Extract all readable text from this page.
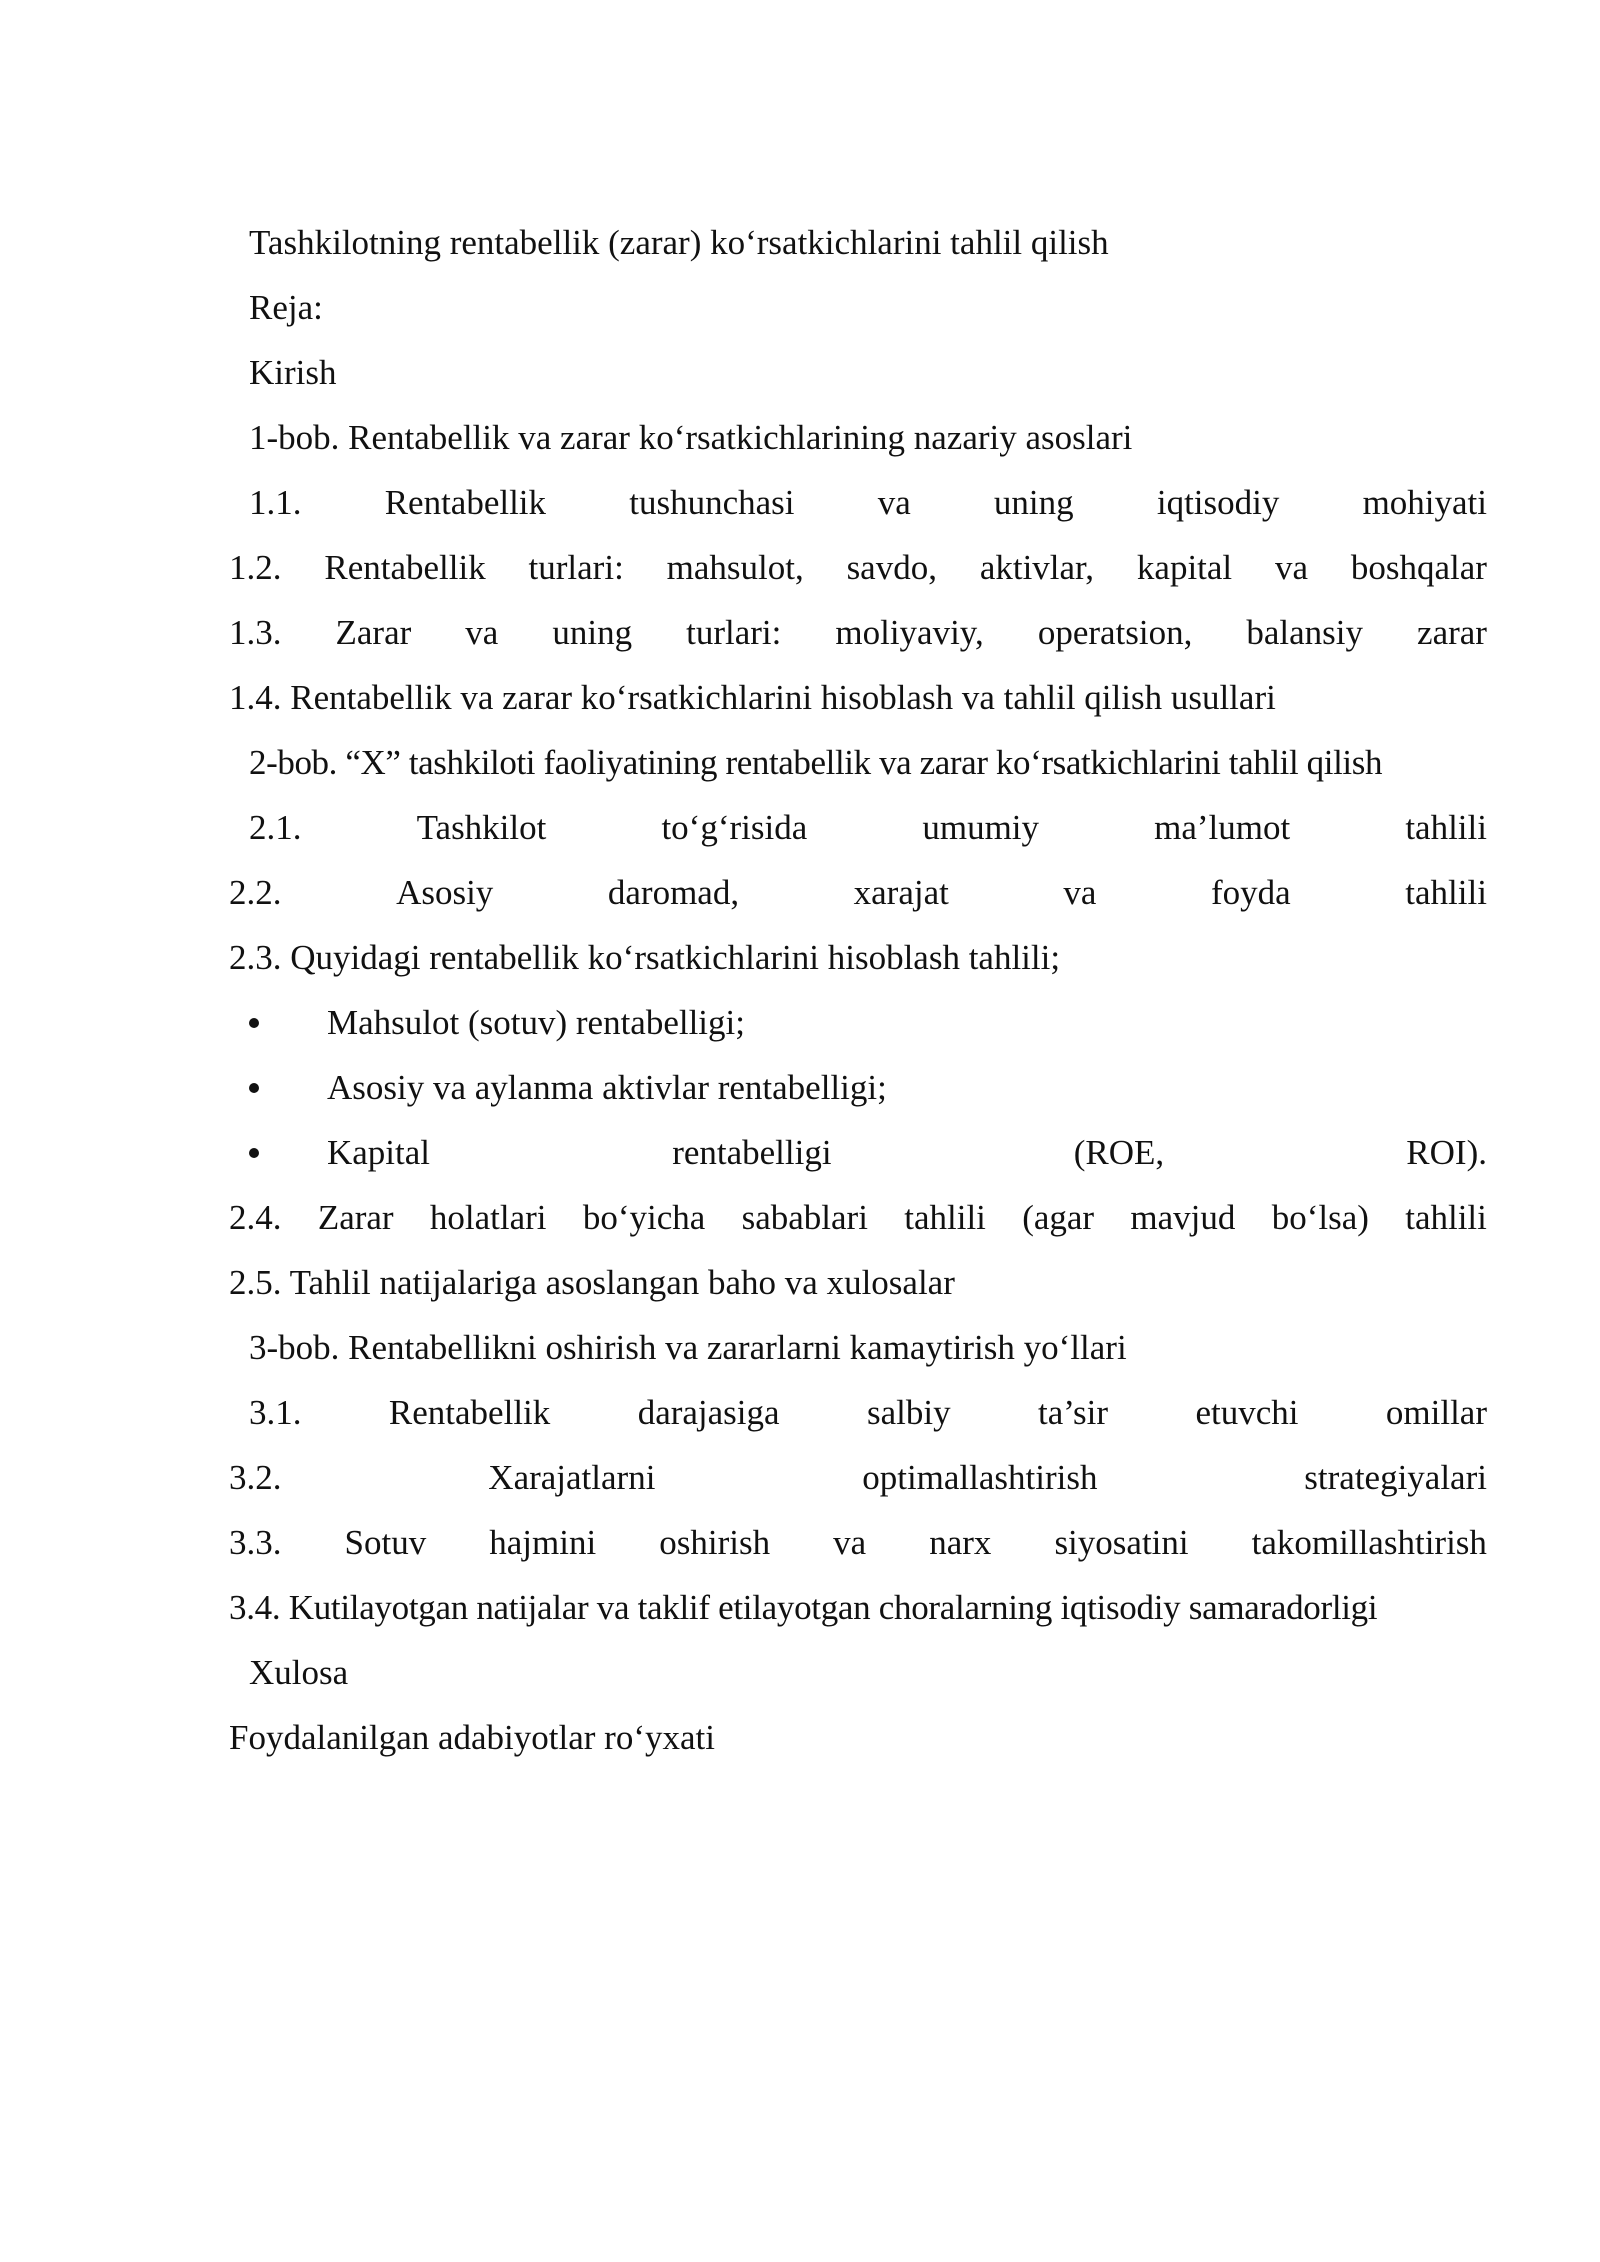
Tashkilotning rentabellik (zarar) ko‘rsatkichlarini tahlil qilish
Reja:
Kirish
1-bob. Rentabellik va zarar ko‘rsatkichlarining nazariy asoslari
1.1. Rentabellik tushunchasi va uning iqtisodiy mohiyati
1.2. Rentabellik turlari: mahsulot, savdo, aktivlar, kapital va boshqalar
1.3. Zarar va uning turlari: moliyaviy, operatsion, balansiy zarar
1.4. Rentabellik va zarar ko‘rsatkichlarini hisoblash va tahlil qilish usullari
2-bob. “X” tashkiloti faoliyatining rentabellik va zarar ko‘rsatkichlarini tahlil qilish
2.1.	Tashkilot	to‘g‘risida	umumiy	ma’lumot	tahlili
2.2.	Asosiy	daromad,	xarajat	va	foyda	tahlili
2.3. Quyidagi rentabellik ko‘rsatkichlarini hisoblash tahlili;
Mahsulot (sotuv) rentabelligi;
Asosiy va aylanma aktivlar rentabelligi;
Kapital	rentabelligi	(ROE,	ROI).
2.4. Zarar holatlari bo‘yicha sabablari tahlili (agar mavjud bo‘lsa) tahlili
2.5. Tahlil natijalariga asoslangan baho va xulosalar
3-bob. Rentabellikni oshirish va zararlarni kamaytirish yo‘llari
3.1. Rentabellik darajasiga salbiy ta’sir etuvchi omillar
3.2.	Xarajatlarni	optimallashtirish	strategiyalari
3.3. Sotuv hajmini oshirish va narx siyosatini takomillashtirish
3.4. Kutilayotgan natijalar va taklif etilayotgan choralarning iqtisodiy samaradorligi
Xulosa
Foydalanilgan adabiyotlar ro‘yxati
